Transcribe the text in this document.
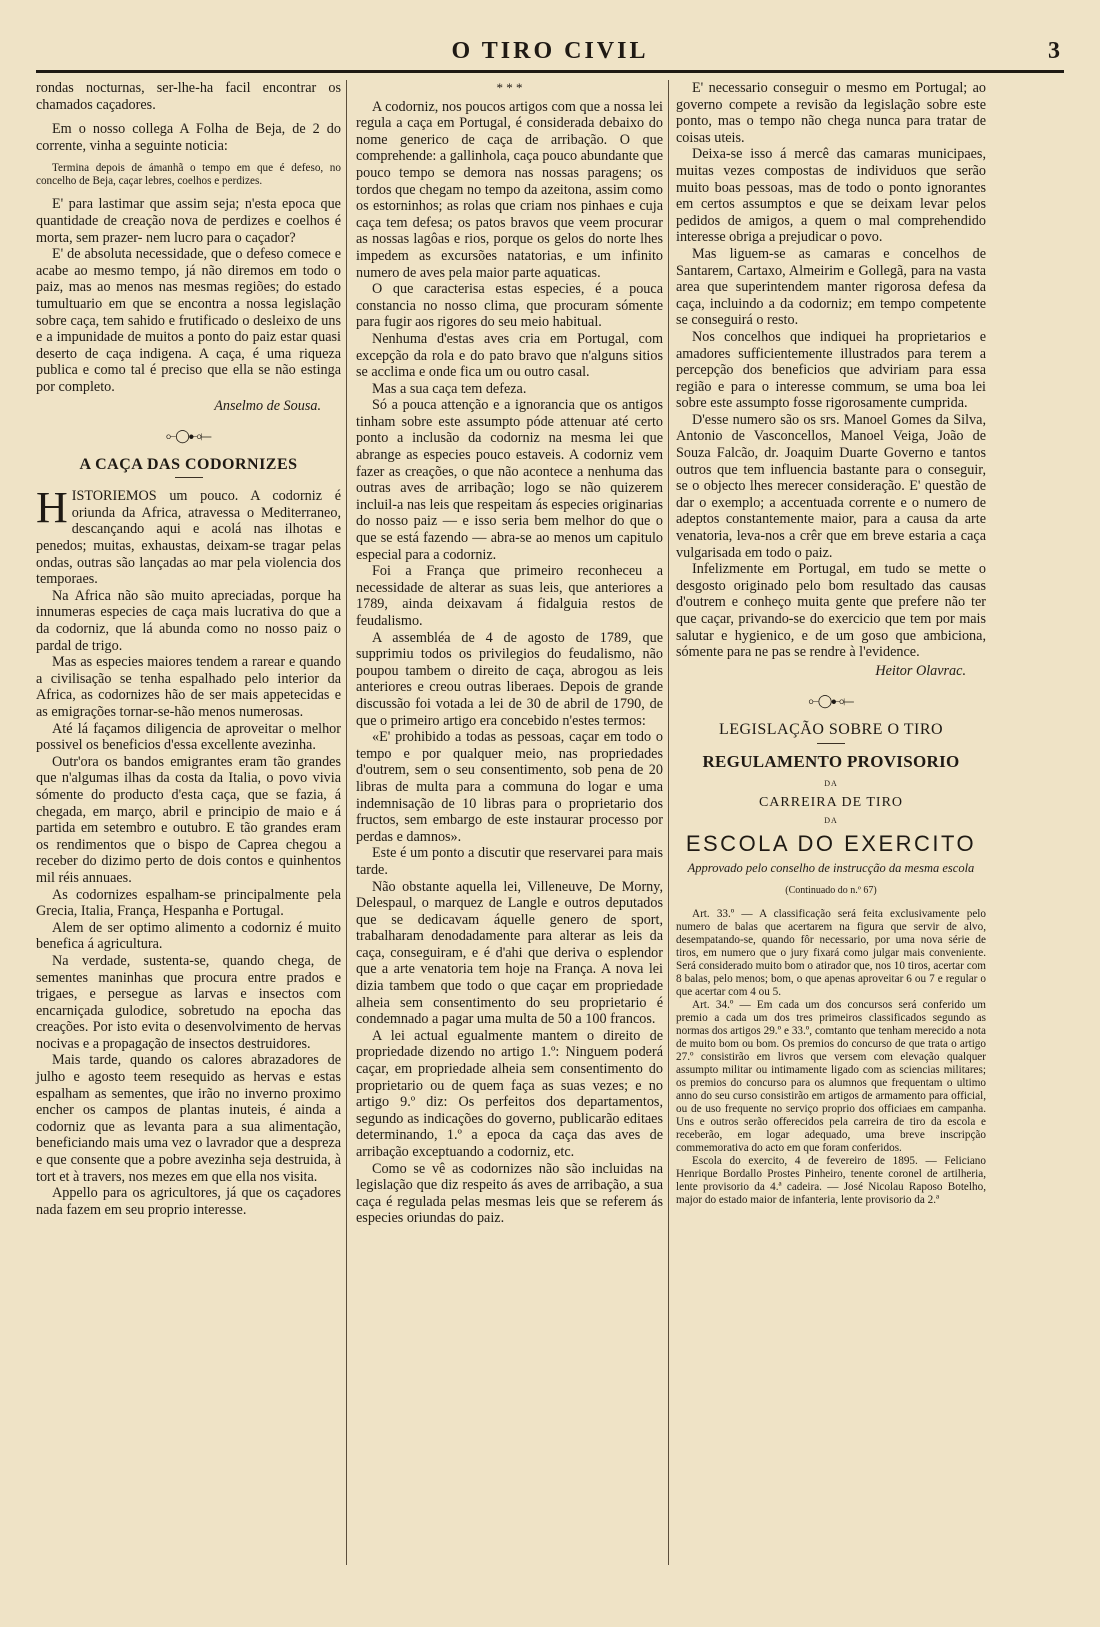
O TIRO CIVIL	3

rondas nocturnas, ser-lhe-ha facil encontrar os chamados caçadores.

Em o nosso collega A Folha de Beja, de 2 do corrente, vinha a seguinte noticia:

Termina depois de ámanhã o tempo em que é defeso, no concelho de Beja, caçar lebres, coelhos e perdizes.

E' para lastimar que assim seja; n'esta epoca que quantidade de creação nova de perdizes e coelhos é morta, sem prazer- nem lucro para o caçador?

E' de absoluta necessidade, que o defeso comece e acabe ao mesmo tempo, já não diremos em todo o paiz, mas ao menos nas mesmas regiões; do estado tumultuario em que se encontra a nossa legislação sobre caça, tem sahido e frutificado o desleixo de uns e a impunidade de muitos a ponto do paiz estar quasi deserto de caça indigena. A caça, é uma riqueza publica e como tal é preciso que ella se não estinga por completo.

Anselmo de Sousa.
⟜◯⊷⟝
A CAÇA DAS CODORNIZES

HISTORIEMOS um pouco. A codorniz é oriunda da Africa, atravessa o Mediterraneo, descançando aqui e acolá nas ilhotas e penedos; muitas, exhaustas, deixam-se tragar pelas ondas, outras são lançadas ao mar pela violencia dos temporaes.

Na Africa não são muito apreciadas, porque ha innumeras especies de caça mais lucrativa do que a da codorniz, que lá abunda como no nosso paiz o pardal de trigo.

Mas as especies maiores tendem a rarear e quando a civilisação se tenha espalhado pelo interior da Africa, as codornizes hão de ser mais appetecidas e as emigrações tornar-se-hão menos numerosas.

Até lá façamos diligencia de aproveitar o melhor possivel os beneficios d'essa excellente avezinha.

Outr'ora os bandos emigrantes eram tão grandes que n'algumas ilhas da costa da Italia, o povo vivia sómente do producto d'esta caça, que se fazia, á chegada, em março, abril e principio de maio e á partida em setembro e outubro. E tão grandes eram os rendimentos que o bispo de Caprea chegou a receber do dizimo perto de dois contos e quinhentos mil réis annuaes.

As codornizes espalham-se principalmente pela Grecia, Italia, França, Hespanha e Portugal.

Alem de ser optimo alimento a codorniz é muito benefica á agricultura.

Na verdade, sustenta-se, quando chega, de sementes maninhas que procura entre prados e trigaes, e persegue as larvas e insectos com encarniçada gulodice, sobretudo na epocha das creações. Por isto evita o desenvolvimento de hervas nocivas e a propagação de insectos destruidores.

Mais tarde, quando os calores abrazadores de julho e agosto teem resequido as hervas e estas espalham as sementes, que irão no inverno proximo encher os campos de plantas inuteis, é ainda a codorniz que as levanta para a sua alimentação, beneficiando mais uma vez o lavrador que a despreza e que consente que a pobre avezinha seja destruida, à tort et à travers, nos mezes em que ella nos visita.

Appello para os agricultores, já que os caçadores nada fazem em seu proprio interesse.

* * *

A codorniz, nos poucos artigos com que a nossa lei regula a caça em Portugal, é considerada debaixo do nome generico de caça de arribação. O que comprehende: a gallinhola, caça pouco abundante que pouco tempo se demora nas nossas paragens; os tordos que chegam no tempo da azeitona, assim como os estorninhos; as rolas que criam nos pinhaes e cuja caça tem defesa; os patos bravos que veem procurar as nossas lagôas e rios, porque os gelos do norte lhes impedem as excursões natatorias, e um infinito numero de aves pela maior parte aquaticas.

O que caracterisa estas especies, é a pouca constancia no nosso clima, que procuram sómente para fugir aos rigores do seu meio habitual.

Nenhuma d'estas aves cria em Portugal, com excepção da rola e do pato bravo que n'alguns sitios se acclima e onde fica um ou outro casal.

Mas a sua caça tem defeza.

Só a pouca attenção e a ignorancia que os antigos tinham sobre este assumpto póde attenuar até certo ponto a inclusão da codorniz na mesma lei que abrange as especies pouco estaveis. A codorniz vem fazer as creações, o que não acontece a nenhuma das outras aves de arribação; logo se não quizerem incluil-a nas leis que respeitam ás especies originarias do nosso paiz — e isso seria bem melhor do que o que se está fazendo — abra-se ao menos um capitulo especial para a codorniz.

Foi a França que primeiro reconheceu a necessidade de alterar as suas leis, que anteriores a 1789, ainda deixavam á fidalguia restos de feudalismo.

A assembléa de 4 de agosto de 1789, que supprimiu todos os privilegios do feudalismo, não poupou tambem o direito de caça, abrogou as leis anteriores e creou outras liberaes. Depois de grande discussão foi votada a lei de 30 de abril de 1790, de que o primeiro artigo era concebido n'estes termos:

«E' prohibido a todas as pessoas, caçar em todo o tempo e por qualquer meio, nas propriedades d'outrem, sem o seu consentimento, sob pena de 20 libras de multa para a communa do logar e uma indemnisação de 10 libras para o proprietario dos fructos, sem embargo de este instaurar processo por perdas e damnos».

Este é um ponto a discutir que reservarei para mais tarde.

Não obstante aquella lei, Villeneuve, De Morny, Delespaul, o marquez de Langle e outros deputados que se dedicavam áquelle genero de sport, trabalharam denodadamente para alterar as leis da caça, conseguiram, e é d'ahi que deriva o esplendor que a arte venatoria tem hoje na França. A nova lei dizia tambem que todo o que caçar em propriedade alheia sem consentimento do seu proprietario é condemnado a pagar uma multa de 50 a 100 francos.

A lei actual egualmente mantem o direito de propriedade dizendo no artigo 1.º: Ninguem poderá caçar, em propriedade alheia sem consentimento do proprietario ou de quem faça as suas vezes; e no artigo 9.º diz: Os perfeitos dos departamentos, segundo as indicações do governo, publicarão editaes determinando, 1.º a epoca da caça das aves de arribação exceptuando a codorniz, etc.

Como se vê as codornizes não são incluidas na legislação que diz respeito ás aves de arribação, a sua caça é regulada pelas mesmas leis que se referem ás especies oriundas do paiz.

E' necessario conseguir o mesmo em Portugal; ao governo compete a revisão da legislação sobre este ponto, mas o tempo não chega nunca para tratar de coisas uteis.

Deixa-se isso á mercê das camaras municipaes, muitas vezes compostas de individuos que serão muito boas pessoas, mas de todo o ponto ignorantes em certos assumptos e que se deixam levar pelos pedidos de amigos, a quem o mal comprehendido interesse obriga a prejudicar o povo.

Mas liguem-se as camaras e concelhos de Santarem, Cartaxo, Almeirim e Gollegã, para na vasta area que superintendem manter rigorosa defesa da caça, incluindo a da codorniz; em tempo competente se conseguirá o resto.

Nos concelhos que indiquei ha proprietarios e amadores sufficientemente illustrados para terem a percepção dos beneficios que adviriam para essa região e para o interesse commum, se uma boa lei sobre este assumpto fosse rigorosamente cumprida.

D'esse numero são os srs. Manoel Gomes da Silva, Antonio de Vasconcellos, Manoel Veiga, João de Souza Falcão, dr. Joaquim Duarte Governo e tantos outros que tem influencia bastante para o conseguir, se o objecto lhes merecer consideração. E' questão de dar o exemplo; a accentuada corrente e o numero de adeptos constantemente maior, para a causa da arte venatoria, leva-nos a crêr que em breve estaria a caça vulgarisada em todo o paiz.

Infelizmente em Portugal, em tudo se mette o desgosto originado pelo bom resultado das causas d'outrem e conheço muita gente que prefere não ter que caçar, privando-se do exercicio que tem por mais salutar e hygienico, e de um goso que ambiciona, sómente para ne pas se rendre à l'evidence.

Heitor Olavrac.
⟜◯⊷⟝
LEGISLAÇÃO SOBRE O TIRO
REGULAMENTO PROVISORIO
DA
CARREIRA DE TIRO
DA
ESCOLA DO EXERCITO
Approvado pelo conselho de instrucção da mesma escola
(Continuado do n.º 67)

Art. 33.º — A classificação será feita exclusivamente pelo numero de balas que acertarem na figura que servir de alvo, desempatando-se, quando fôr necessario, por uma nova série de tiros, em numero que o jury fixará como julgar mais conveniente. Será considerado muito bom o atirador que, nos 10 tiros, acertar com 8 balas, pelo menos; bom, o que apenas aproveitar 6 ou 7 e regular o que acertar com 4 ou 5.

Art. 34.º — Em cada um dos concursos será conferido um premio a cada um dos tres primeiros classificados segundo as normas dos artigos 29.º e 33.º, comtanto que tenham merecido a nota de muito bom ou bom. Os premios do concurso de que trata o artigo 27.º consistirão em livros que versem com elevação qualquer assumpto militar ou intimamente ligado com as sciencias militares; os premios do concurso para os alumnos que frequentam o ultimo anno do seu curso consistirão em artigos de armamento para official, ou de uso frequente no serviço proprio dos officiaes em campanha. Uns e outros serão offerecidos pela carreira de tiro da escola e receberão, em logar adequado, uma breve inscripção commemorativa do acto em que foram conferidos.

Escola do exercito, 4 de fevereiro de 1895. — Feliciano Henrique Bordallo Prostes Pinheiro, tenente coronel de artilheria, lente provisorio da 4.ª cadeira. — José Nicolau Raposo Botelho, major do estado maior de infanteria, lente provisorio da 2.ª
